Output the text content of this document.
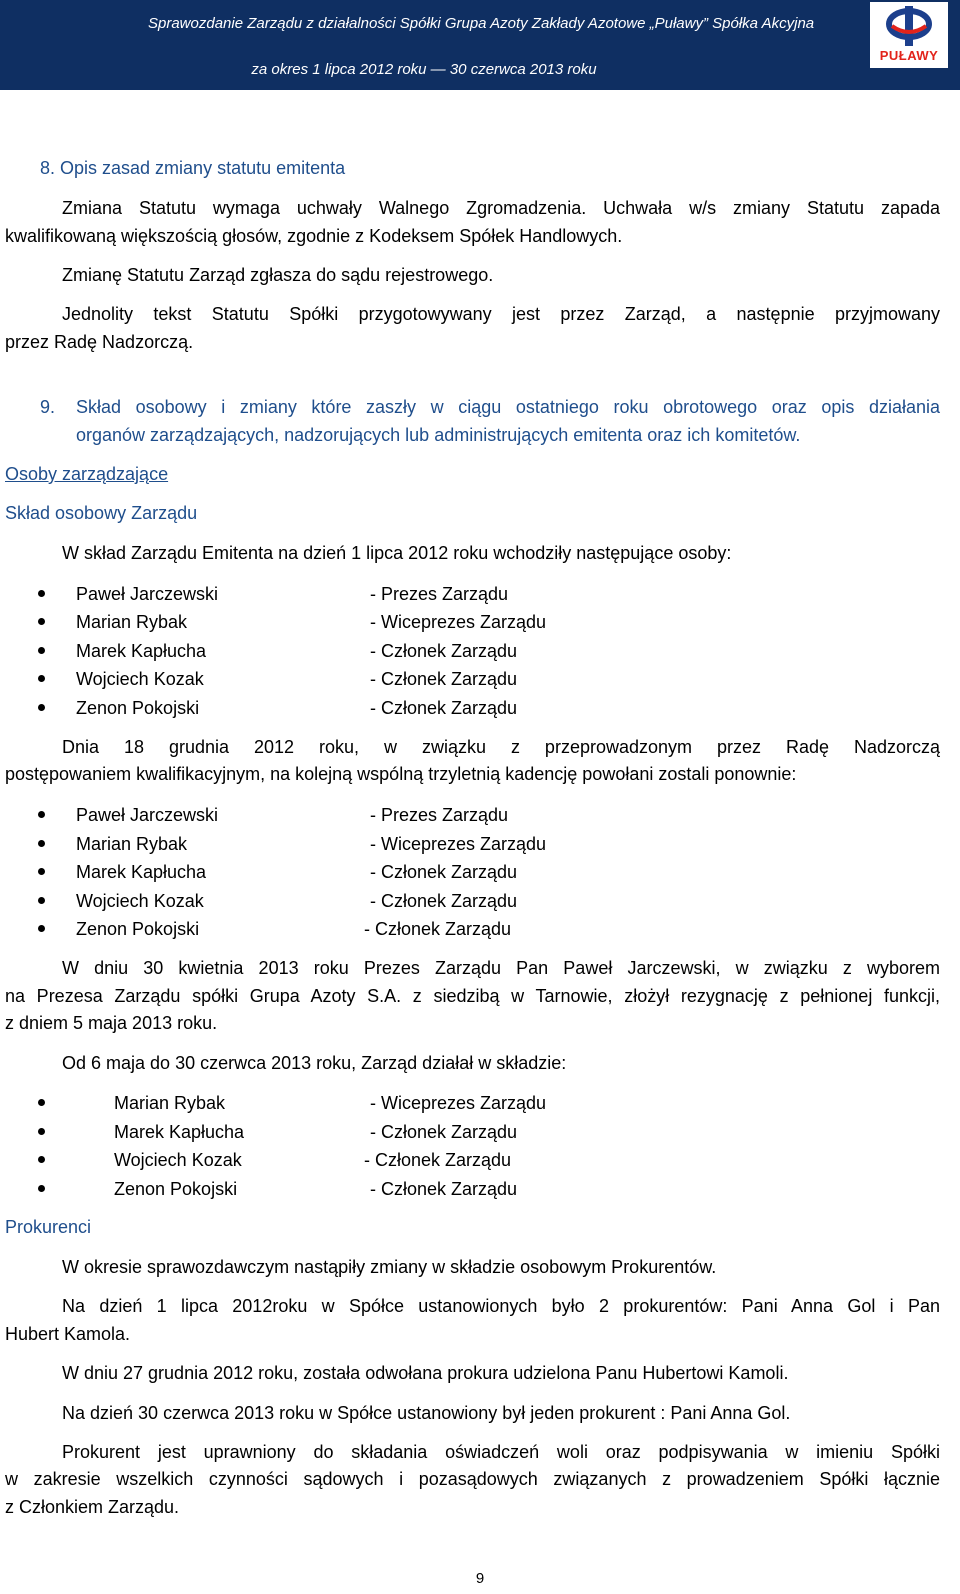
Sprawozdanie Zarządu z działalności Spółki Grupa Azoty Zakłady Azotowe „Puławy” Spółka Akcyjna
za okres 1 lipca 2012 roku — 30 czerwca 2013 roku
PUŁAWY
8. Opis zasad zmiany statutu emitenta
Zmiana Statutu wymaga uchwały Walnego Zgromadzenia. Uchwała w/s zmiany Statutu zapada
kwalifikowaną większością głosów, zgodnie z Kodeksem Spółek Handlowych.
Zmianę Statutu Zarząd zgłasza do sądu rejestrowego.
Jednolity tekst Statutu Spółki przygotowywany jest przez Zarząd, a następnie przyjmowany
przez Radę Nadzorczą.
9. Skład osobowy i zmiany które zaszły w ciągu ostatniego roku obrotowego oraz opis działania
organów zarządzających, nadzorujących lub administrujących emitenta oraz ich komitetów.
Osoby zarządzające
Skład osobowy Zarządu
W skład Zarządu Emitenta na dzień 1 lipca 2012 roku wchodziły następujące osoby:
Paweł Jarczewski	- Prezes Zarządu
Marian Rybak	- Wiceprezes Zarządu
Marek Kapłucha	- Członek Zarządu
Wojciech Kozak	- Członek Zarządu
Zenon Pokojski	- Członek Zarządu
Dnia 18 grudnia 2012 roku, w związku z przeprowadzonym przez Radę Nadzorczą
postępowaniem kwalifikacyjnym, na kolejną wspólną trzyletnią kadencję powołani zostali ponownie:
Paweł Jarczewski	- Prezes Zarządu
Marian Rybak	- Wiceprezes Zarządu
Marek Kapłucha	- Członek Zarządu
Wojciech Kozak	- Członek Zarządu
Zenon Pokojski	- Członek Zarządu
W dniu 30 kwietnia 2013 roku Prezes Zarządu Pan Paweł Jarczewski, w związku z wyborem
na Prezesa Zarządu spółki Grupa Azoty S.A. z siedzibą w Tarnowie, złożył rezygnację z pełnionej funkcji,
z dniem 5 maja 2013 roku.
Od 6 maja do 30 czerwca 2013 roku, Zarząd działał w składzie:
Marian Rybak	- Wiceprezes Zarządu
Marek Kapłucha	- Członek Zarządu
Wojciech Kozak	- Członek Zarządu
Zenon Pokojski	- Członek Zarządu
Prokurenci
W okresie sprawozdawczym nastąpiły zmiany w składzie osobowym Prokurentów.
Na dzień 1 lipca 2012roku w Spółce ustanowionych było 2 prokurentów: Pani Anna Gol i Pan
Hubert Kamola.
W dniu 27 grudnia 2012 roku, została odwołana prokura udzielona Panu Hubertowi Kamoli.
Na dzień 30 czerwca 2013 roku w Spółce ustanowiony był jeden prokurent : Pani Anna Gol.
Prokurent jest uprawniony do składania oświadczeń woli oraz podpisywania w imieniu Spółki
w zakresie wszelkich czynności sądowych i pozasądowych związanych z prowadzeniem Spółki łącznie
z Członkiem Zarządu.
9
